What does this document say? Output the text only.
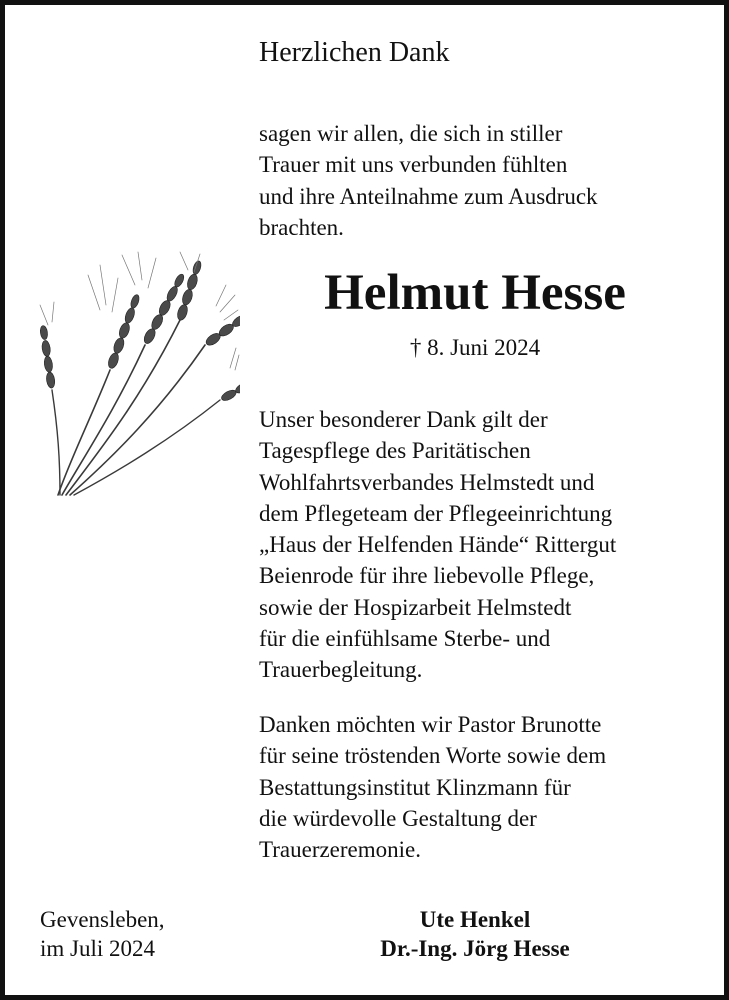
Herzlichen Dank
sagen wir allen, die sich in stiller
Trauer mit uns verbunden fühlten
und ihre Anteilnahme zum Ausdruck
brachten.
Helmut Hesse
† 8. Juni 2024
Unser besonderer Dank gilt der
Tagespflege des Paritätischen
Wohlfahrtsverbandes Helmstedt und
dem Pflegeteam der Pflegeeinrichtung
„Haus der Helfenden Hände“ Rittergut
Beienrode für ihre liebevolle Pflege,
sowie der Hospizarbeit Helmstedt
für die einfühlsame Sterbe- und
Trauerbegleitung.
Danken möchten wir Pastor Brunotte
für seine tröstenden Worte sowie dem
Bestattungsinstitut Klinzmann für
die würdevolle Gestaltung der
Trauerzeremonie.
Gevensleben,
im Juli 2024
Ute Henkel
Dr.-Ing. Jörg Hesse
